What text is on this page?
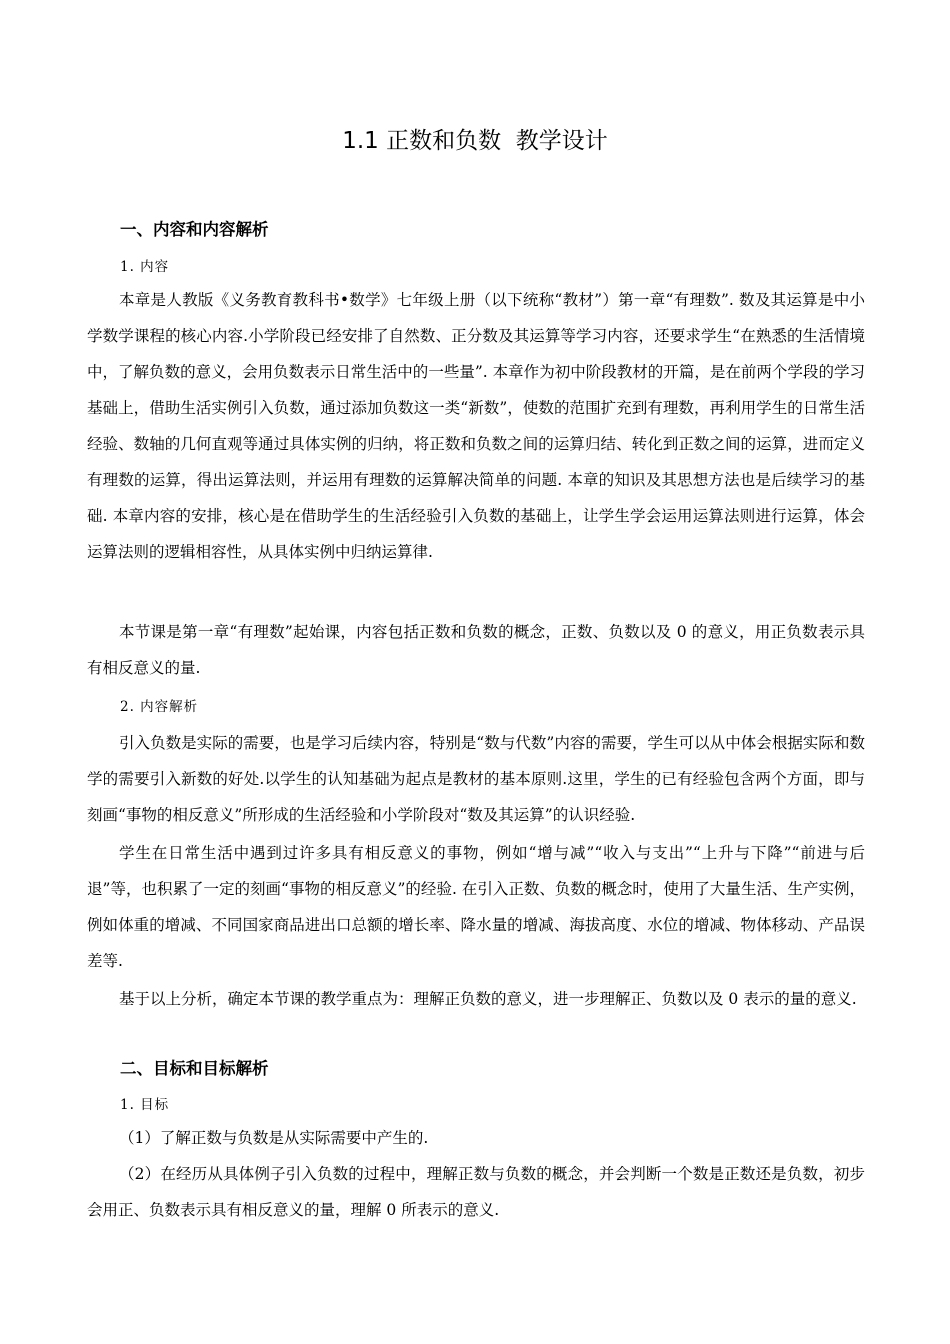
1.1 正数和负数  教学设计
一、内容和内容解析
1. 内容

本章是人教版《义务教育教科书•数学》七年级上册（以下统称“教材”）第一章“有理数”. 数及其运算是中小学数学课程的核心内容.小学阶段已经安排了自然数、正分数及其运算等学习内容，还要求学生“在熟悉的生活情境中，了解负数的意义，会用负数表示日常生活中的一些量”. 本章作为初中阶段教材的开篇，是在前两个学段的学习基础上，借助生活实例引入负数，通过添加负数这一类“新数”，使数的范围扩充到有理数，再利用学生的日常生活经验、数轴的几何直观等通过具体实例的归纳，将正数和负数之间的运算归结、转化到正数之间的运算，进而定义有理数的运算，得出运算法则，并运用有理数的运算解决简单的问题. 本章的知识及其思想方法也是后续学习的基础. 本章内容的安排，核心是在借助学生的生活经验引入负数的基础上，让学生学会运用运算法则进行运算，体会运算法则的逻辑相容性，从具体实例中归纳运算律.

本节课是第一章“有理数”起始课，内容包括正数和负数的概念，正数、负数以及 0 的意义，用正负数表示具有相反意义的量.

2. 内容解析

引入负数是实际的需要，也是学习后续内容，特别是“数与代数”内容的需要，学生可以从中体会根据实际和数学的需要引入新数的好处.以学生的认知基础为起点是教材的基本原则.这里，学生的已有经验包含两个方面，即与刻画“事物的相反意义”所形成的生活经验和小学阶段对“数及其运算”的认识经验.

学生在日常生活中遇到过许多具有相反意义的事物，例如“增与减”“收入与支出”“上升与下降”“前进与后退”等，也积累了一定的刻画“事物的相反意义”的经验. 在引入正数、负数的概念时，使用了大量生活、生产实例，例如体重的增减、不同国家商品进出口总额的增长率、降水量的增减、海拔高度、水位的增减、物体移动、产品误差等.

基于以上分析，确定本节课的教学重点为：理解正负数的意义，进一步理解正、负数以及 0 表示的量的意义.

二、目标和目标解析
1. 目标

（1）了解正数与负数是从实际需要中产生的.

（2）在经历从具体例子引入负数的过程中，理解正数与负数的概念，并会判断一个数是正数还是负数，初步会用正、负数表示具有相反意义的量，理解 0 所表示的意义.
